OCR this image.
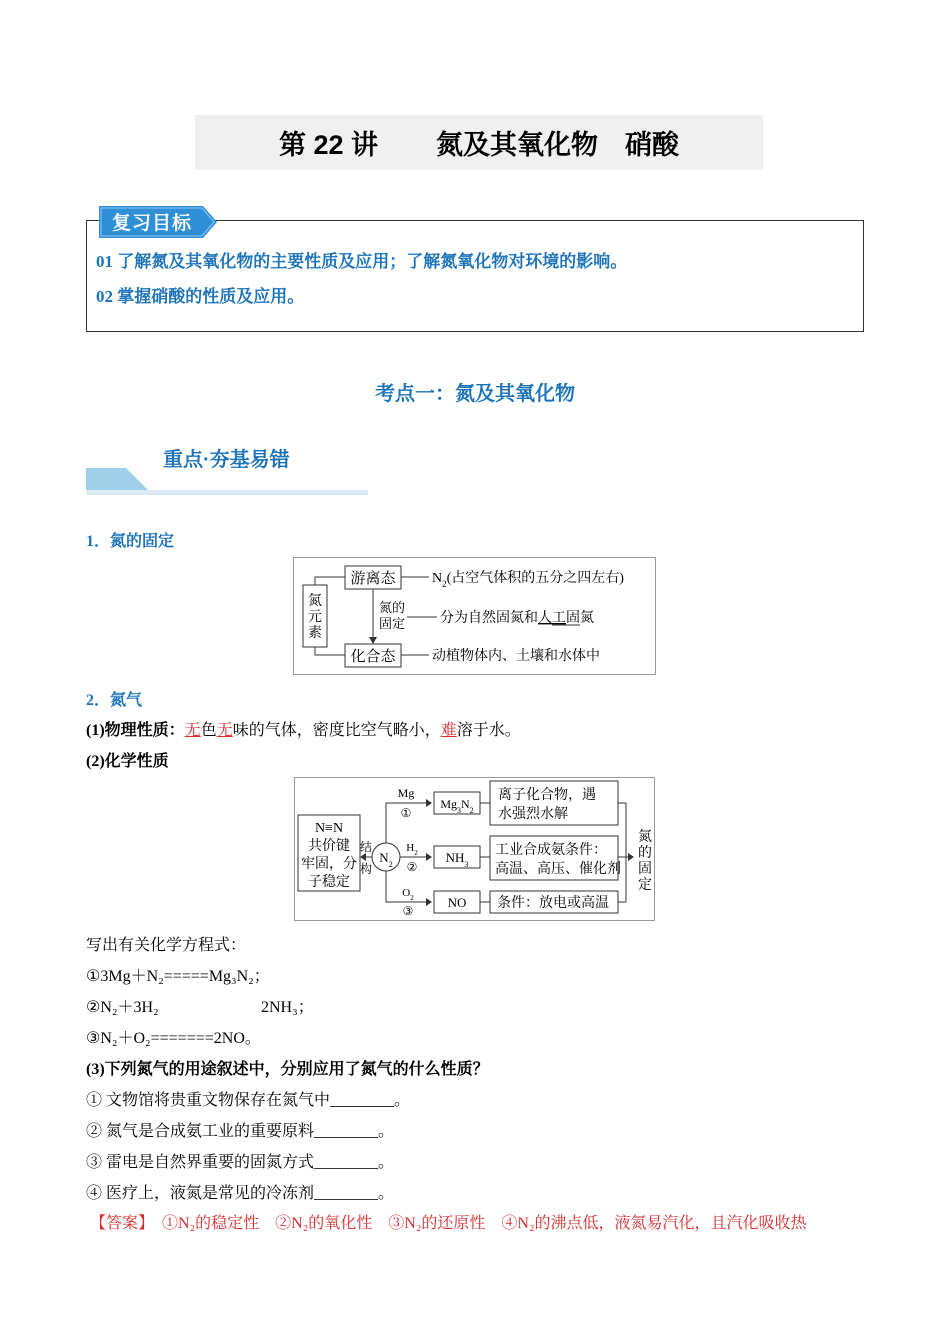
第 22 讲 氮及其氧化物　硝酸
复习目标
01 了解氮及其氧化物的主要性质及应用；了解氮氧化物对环境的影响。
02 掌握硝酸的性质及应用。
考点一：氮及其氧化物
重点·夯基易错
1．氮的固定
氮
元
素
游离态	$N_2$(占空气体积的五分之四左右)
化合态	动植物体内、土壤和水体中
氮的
固定 分为自然固氮和人工固氮
2．氮气
(1)物理性质：无色无味的气体，密度比空气略小，难溶于水。
(2)化学性质
N≡N
共价键
牢固，分
子稳定
结
构
$N_2$
Mg
①
$H_2$
②
$O_2$
③
$Mg_3N_2$
$NH_3$
NO
离子化合物，遇
水强烈水解
工业合成氨条件：
高温、高压、催化剂
条件：放电或高温
氮
的
固
定
写出有关化学方程式：
①3Mg＋N₂=====Mg₃N₂；
②N₂＋3H₂	2NH₃；
③N₂＋O₂=======2NO。
(3)下列氮气的用途叙述中，分别应用了氮气的什么性质？
① 文物馆将贵重文物保存在氮气中________。
② 氮气是合成氨工业的重要原料________。
③ 雷电是自然界重要的固氮方式________。
④ 医疗上，液氮是常见的冷冻剂________。
【答案】　①N₂的稳定性　②N₂的氧化性　③N₂的还原性　④N₂的沸点低，液氮易汽化，且汽化吸收热
